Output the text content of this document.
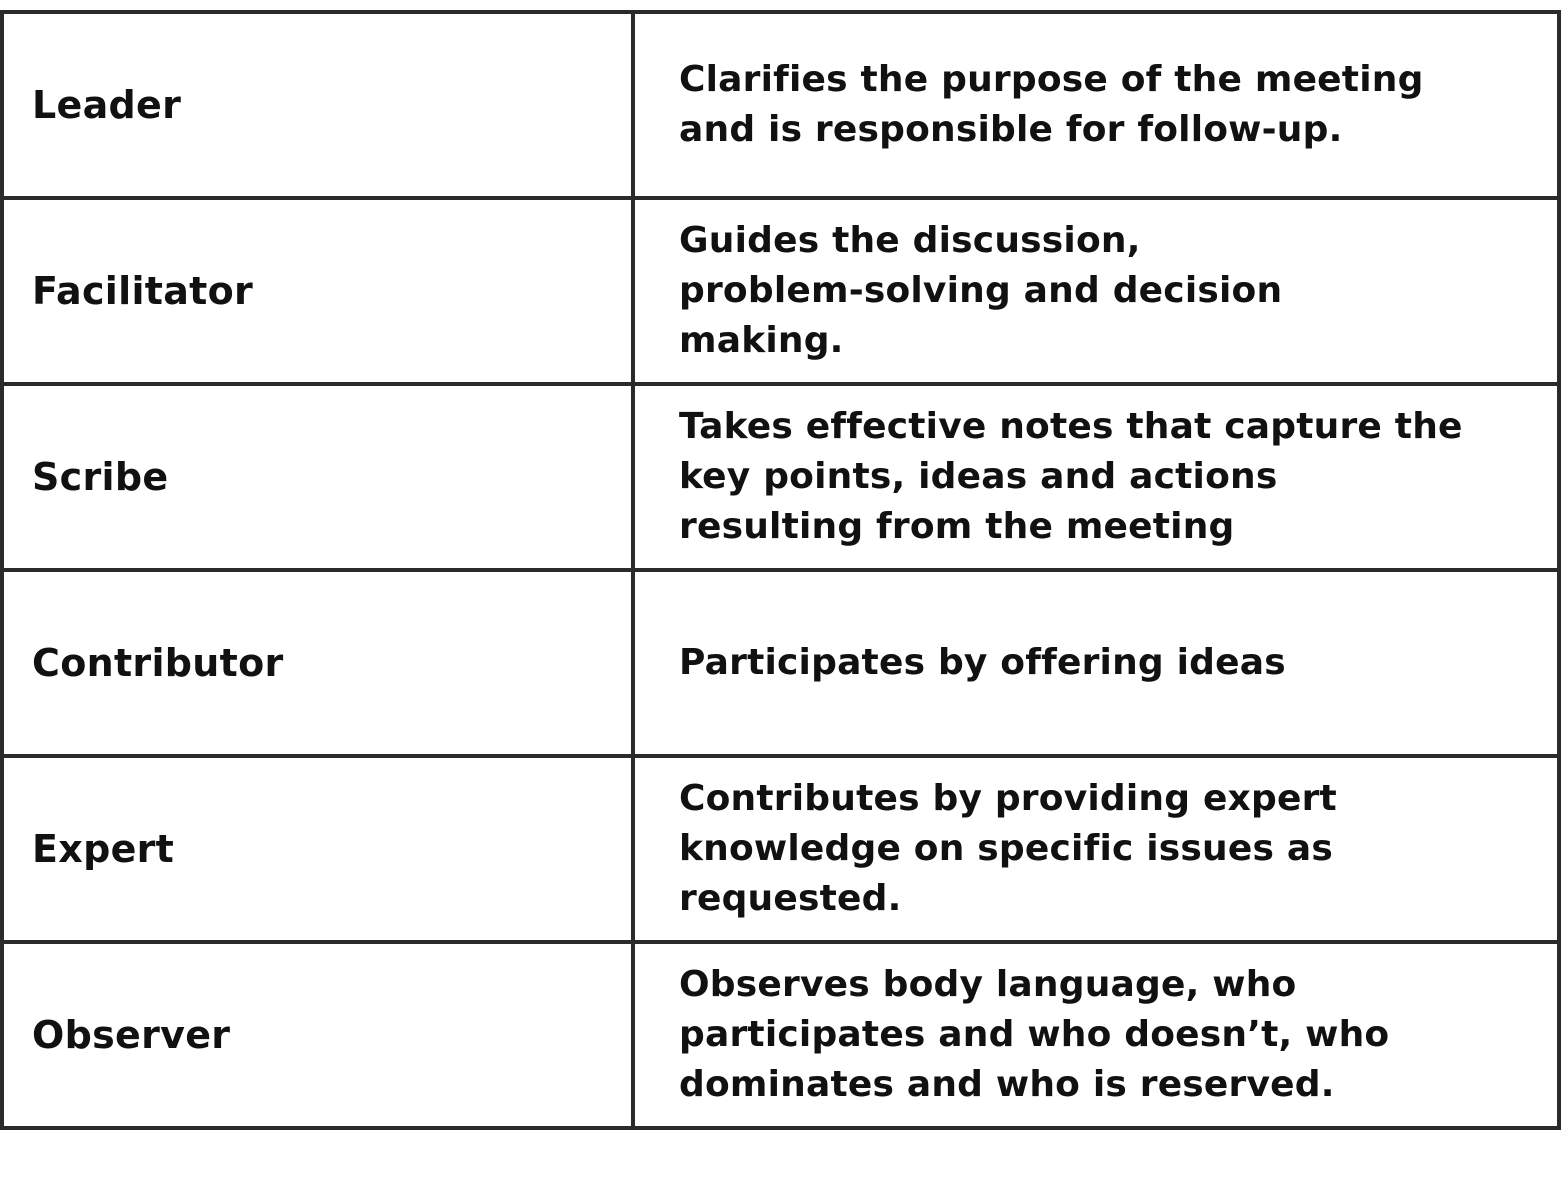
Leader	Clarifies the purpose of the meeting
and is responsible for follow-up.

Facilitator	Guides the discussion,
problem-solving and decision
making.

Scribe	Takes effective notes that capture the
key points, ideas and actions
resulting from the meeting

Contributor	Participates by offering ideas

Expert	Contributes by providing expert
knowledge on specific issues as
requested.

Observer	Observes body language, who
participates and who doesn’t, who
dominates and who is reserved.
